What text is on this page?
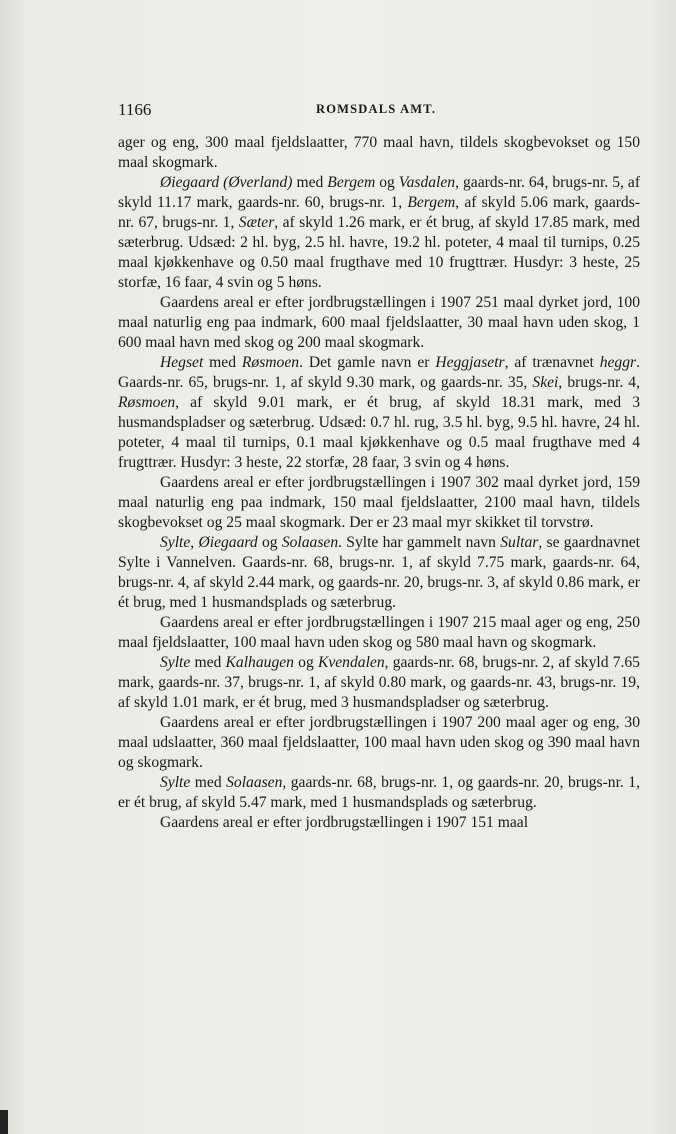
1166	ROMSDALS AMT.

ager og eng, 300 maal fjeldslaatter, 770 maal havn, tildels skogbevokset og 150 maal skogmark.

Øiegaard (Øverland) med Bergem og Vasdalen, gaards-nr. 64, brugs-nr. 5, af skyld 11.17 mark, gaards-nr. 60, brugs-nr. 1, Bergem, af skyld 5.06 mark, gaards-nr. 67, brugs-nr. 1, Sæter, af skyld 1.26 mark, er ét brug, af skyld 17.85 mark, med sæterbrug. Udsæd: 2 hl. byg, 2.5 hl. havre, 19.2 hl. poteter, 4 maal til turnips, 0.25 maal kjøkkenhave og 0.50 maal frugthave med 10 frugttrær. Husdyr: 3 heste, 25 storfæ, 16 faar, 4 svin og 5 høns.

Gaardens areal er efter jordbrugstællingen i 1907 251 maal dyrket jord, 100 maal naturlig eng paa indmark, 600 maal fjeldslaatter, 30 maal havn uden skog, 1 600 maal havn med skog og 200 maal skogmark.

Hegset med Røsmoen. Det gamle navn er Heggjasetr, af trænavnet heggr. Gaards-nr. 65, brugs-nr. 1, af skyld 9.30 mark, og gaards-nr. 35, Skei, brugs-nr. 4, Røsmoen, af skyld 9.01 mark, er ét brug, af skyld 18.31 mark, med 3 husmandspladser og sæterbrug. Udsæd: 0.7 hl. rug, 3.5 hl. byg, 9.5 hl. havre, 24 hl. poteter, 4 maal til turnips, 0.1 maal kjøkkenhave og 0.5 maal frugthave med 4 frugttrær. Husdyr: 3 heste, 22 storfæ, 28 faar, 3 svin og 4 høns.

Gaardens areal er efter jordbrugstællingen i 1907 302 maal dyrket jord, 159 maal naturlig eng paa indmark, 150 maal fjeldslaatter, 2100 maal havn, tildels skogbevokset og 25 maal skogmark. Der er 23 maal myr skikket til torvstrø.

Sylte, Øiegaard og Solaasen. Sylte har gammelt navn Sultar, se gaardnavnet Sylte i Vannelven. Gaards-nr. 68, brugs-nr. 1, af skyld 7.75 mark, gaards-nr. 64, brugs-nr. 4, af skyld 2.44 mark, og gaards-nr. 20, brugs-nr. 3, af skyld 0.86 mark, er ét brug, med 1 husmandsplads og sæterbrug.

Gaardens areal er efter jordbrugstællingen i 1907 215 maal ager og eng, 250 maal fjeldslaatter, 100 maal havn uden skog og 580 maal havn og skogmark.

Sylte med Kalhaugen og Kvendalen, gaards-nr. 68, brugs-nr. 2, af skyld 7.65 mark, gaards-nr. 37, brugs-nr. 1, af skyld 0.80 mark, og gaards-nr. 43, brugs-nr. 19, af skyld 1.01 mark, er ét brug, med 3 husmandspladser og sæterbrug.

Gaardens areal er efter jordbrugstællingen i 1907 200 maal ager og eng, 30 maal udslaatter, 360 maal fjeldslaatter, 100 maal havn uden skog og 390 maal havn og skogmark.

Sylte med Solaasen, gaards-nr. 68, brugs-nr. 1, og gaards-nr. 20, brugs-nr. 1, er ét brug, af skyld 5.47 mark, med 1 husmandsplads og sæterbrug.

Gaardens areal er efter jordbrugstællingen i 1907 151 maal
